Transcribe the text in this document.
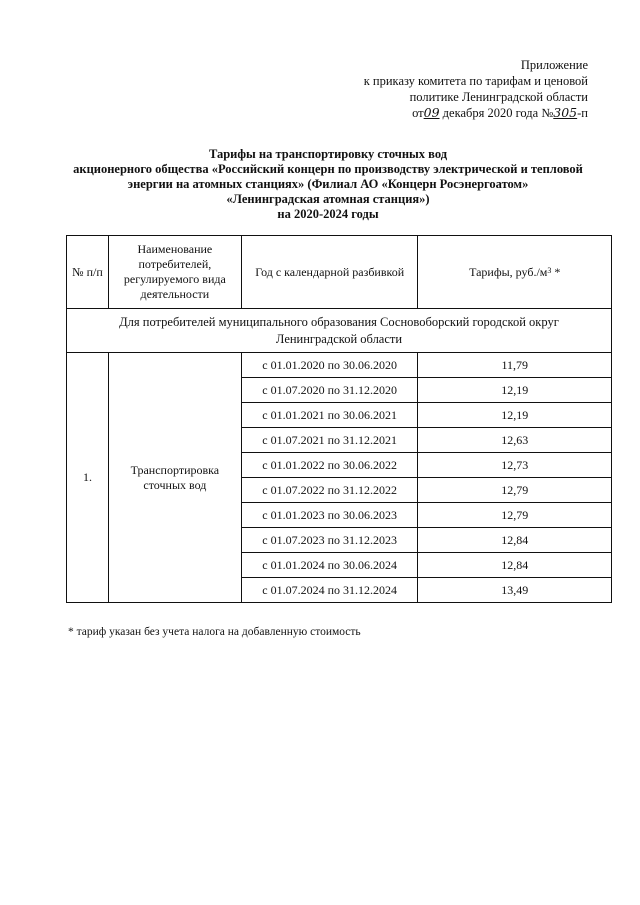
Приложение
к приказу комитета по тарифам и ценовой
политике Ленинградской области
от09 декабря 2020 года №305-п
Тарифы на транспортировку сточных вод
акционерного общества «Российский концерн по производству электрической и тепловой
энергии на атомных станциях» (Филиал АО «Концерн Росэнергоатом»
«Ленинградская атомная станция»)
на 2020-2024 годы
№ п/п	Наименование потребителей, регулируемого вида деятельности	Год с календарной разбивкой	Тарифы, $руб./м^3$ *

Для потребителей муниципального образования Сосновоборский городской округ Ленинградской области			

1.	Транспортировка сточных вод	с 01.01.2020 по 30.06.2020	11,79
		с 01.07.2020 по 31.12.2020	12,19
		с 01.01.2021 по 30.06.2021	12,19
		с 01.07.2021 по 31.12.2021	12,63
		с 01.01.2022 по 30.06.2022	12,73
		с 01.07.2022 по 31.12.2022	12,79
		с 01.01.2023 по 30.06.2023	12,79
		с 01.07.2023 по 31.12.2023	12,84
		с 01.01.2024 по 30.06.2024	12,84
		с 01.07.2024 по 31.12.2024	13,49
* тариф указан без учета налога на добавленную стоимость
